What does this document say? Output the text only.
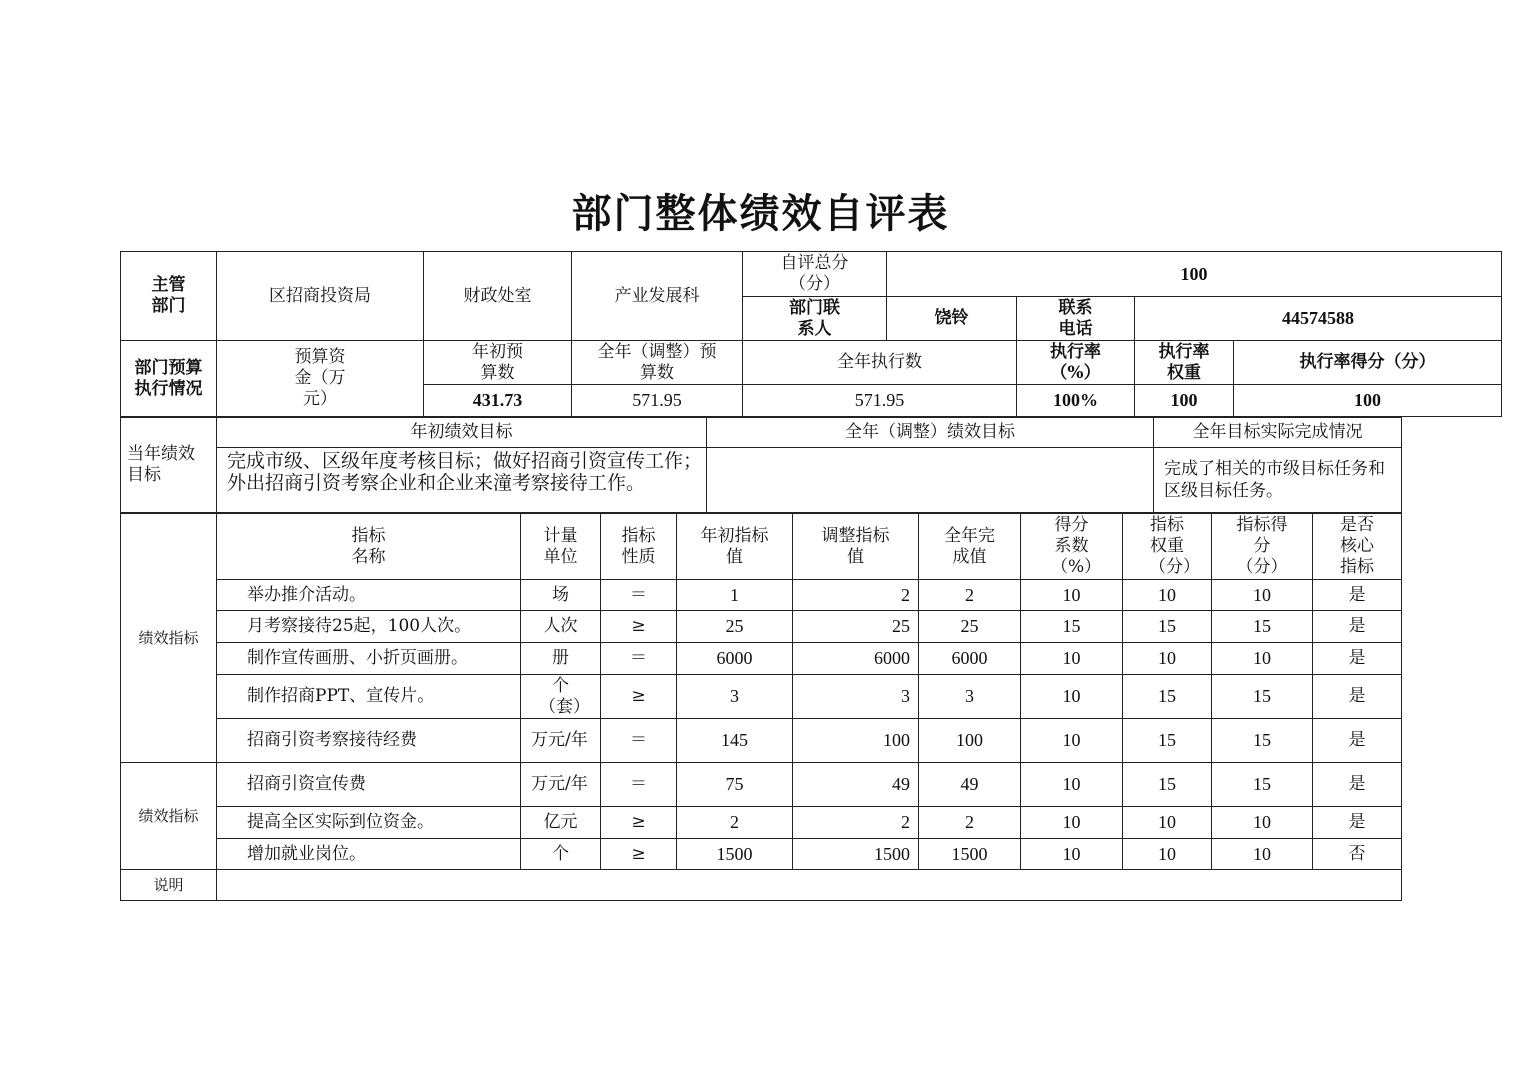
部门整体绩效自评表
主管部门	区招商投资局	财政处室	产业发展科	自评总分（分）	100			
				部门联系人	饶铃	联系电话	44574588	
部门预算执行情况	预算资金（万元）	年初预算数	全年（调整）预算数	全年执行数		执行率（%）	执行率权重	执行率得分（分）
		431.73	571.95	571.95		100%	100	100
当年绩效目标	年初绩效目标	全年（调整）绩效目标	全年目标实际完成情况
	完成市级、区级年度考核目标；做好招商引资宣传工作；外出招商引资考察企业和企业来潼考察接待工作。		完成了相关的市级目标任务和区级目标任务。
绩效指标	指标名称	计量单位	指标性质	年初指标值	调整指标值	全年完成值	得分系数（%）	指标权重（分）	指标得分（分）	是否核心指标
	举办推介活动。	场	＝	1	2	2	10	10	10	是
	月考察接待25起，100人次。	人次	≥	25	25	25	15	15	15	是
	制作宣传画册、小折页画册。	册	＝	6000	6000	6000	10	10	10	是
	制作招商PPT、宣传片。	个（套）	≥	3	3	3	10	15	15	是
	招商引资考察接待经费	万元/年	＝	145	100	100	10	15	15	是
绩效指标	招商引资宣传费	万元/年	＝	75	49	49	10	15	15	是
	提高全区实际到位资金。	亿元	≥	2	2	2	10	10	10	是
	增加就业岗位。	个	≥	1500	1500	1500	10	10	10	否
说明										
